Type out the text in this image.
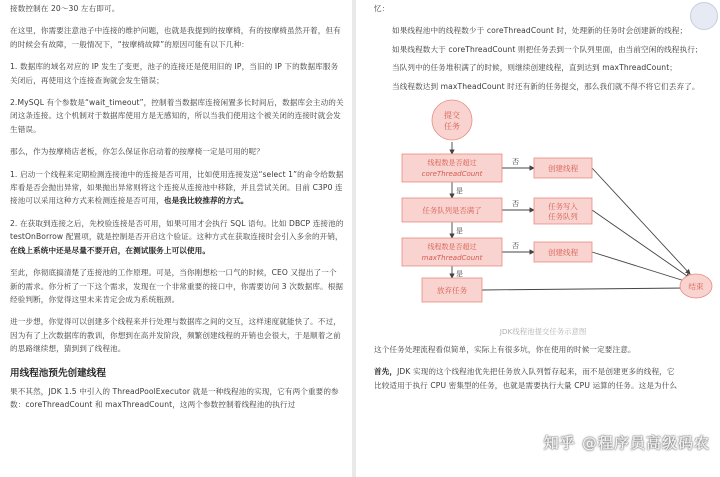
接数控制在 20～30 左右即可。

在这里，你需要注意池子中连接的维护问题，也就是我提到的按摩椅，有的按摩椅虽然开着，但有的时候会有故障，一般情况下，“按摩椅故障”的原因可能有以下几种：

1. 数据库的域名对应的 IP 发生了变更，池子的连接还是使用旧的 IP，当旧的 IP 下的数据库服务关闭后，再使用这个连接查询就会发生错误；

2.MySQL 有个参数是“wait_timeout”，控制着当数据库连接闲置多长时间后，数据库会主动的关闭这条连接。这个机制对于数据库使用方是无感知的，所以当我们使用这个被关闭的连接时就会发生错误。

那么，作为按摩椅店老板，你怎么保证你启动着的按摩椅一定是可用的呢？

1. 启动一个线程来定期检测连接池中的连接是否可用，比如使用连接发送“select 1”的命令给数据库看是否会抛出异常，如果抛出异常则将这个连接从连接池中移除，并且尝试关闭。目前 C3P0 连接池可以采用这种方式来检测连接是否可用，也是我比较推荐的方式。

2. 在获取到连接之后，先校验连接是否可用，如果可用才会执行 SQL 语句。比如 DBCP 连接池的 testOnBorrow 配置项，就是控制是否开启这个验证。这种方式在获取连接时会引入多余的开销，在线上系统中还是尽量不要开启，在测试服务上可以使用。

至此，你彻底搞清楚了连接池的工作原理。可是，当你刚想松一口气的时候，CEO 又提出了一个新的需求。你分析了一下这个需求，发现在一个非常重要的接口中，你需要访问 3 次数据库。根据经验判断，你觉得这里未来肯定会成为系统瓶颈。

进一步想，你觉得可以创建多个线程来并行处理与数据库之间的交互，这样速度就能快了。不过，因为有了上次数据库的教训，你想到在高并发阶段，频繁创建线程的开销也会很大，于是顺着之前的思路继续想，猜到到了线程池。

用线程池预先创建线程

果不其然，JDK 1.5 中引入的 ThreadPoolExecutor 就是一种线程池的实现，它有两个重要的参数：coreThreadCount 和 maxThreadCount，这两个参数控制着线程池的执行过

忆：

如果线程池中的线程数少于 coreThreadCount 时，处理新的任务时会创建新的线程；

如果线程数大于 coreThreadCount 则把任务丢到一个队列里面，由当前空闲的线程执行；

当队列中的任务堆积满了的时候，则继续创建线程，直到达到 maxThreadCount；

当线程数达到 maxTheadCount 时还有新的任务提交，那么我们就不得不将它们丢弃了。

提交
任务
线程数是否超过
coreThreadCount
任务队列是否满了
线程数是否超过
maxThreadCount
放弃任务
创建线程
任务写入
任务队列
创建线程
结束
否
是
否
是
否
是
JDK线程池提交任务示意图

这个任务处理流程看似简单，实际上有很多坑，你在使用的时候一定要注意。

首先，JDK 实现的这个线程池优先把任务放入队列暂存起来，而不是创建更多的线程，它

比较适用于执行 CPU 密集型的任务，也就是需要执行大量 CPU 运算的任务。这是为什么

知乎 @程序员高级码农
